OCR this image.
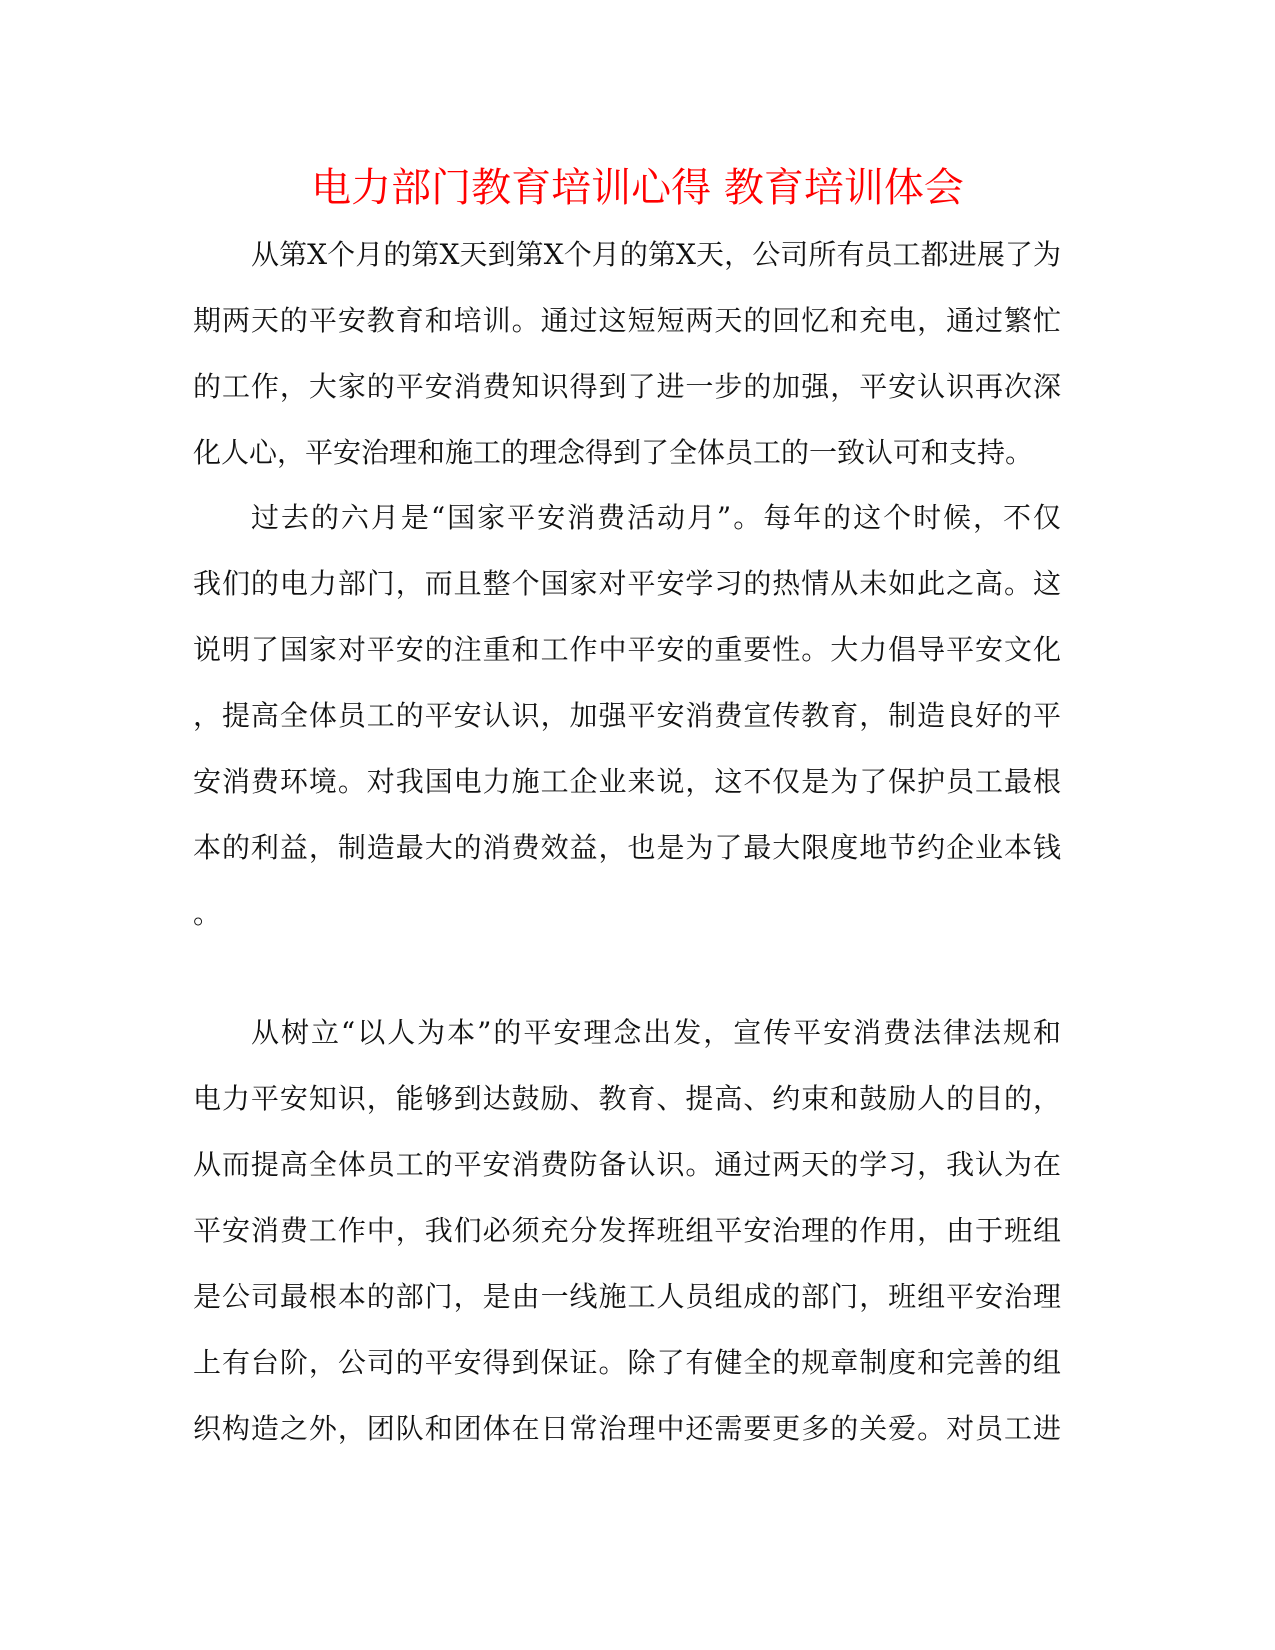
电力部门教育培训心得 教育培训体会
从第X个月的第X天到第X个月的第X天，公司所有员工都进展了为
期两天的平安教育和培训。通过这短短两天的回忆和充电，通过繁忙
的工作，大家的平安消费知识得到了进一步的加强，平安认识再次深
化人心，平安治理和施工的理念得到了全体员工的一致认可和支持。
过去的六月是“国家平安消费活动月”。每年的这个时候，不仅
我们的电力部门，而且整个国家对平安学习的热情从未如此之高。这
说明了国家对平安的注重和工作中平安的重要性。大力倡导平安文化
，提高全体员工的平安认识，加强平安消费宣传教育，制造良好的平
安消费环境。对我国电力施工企业来说，这不仅是为了保护员工最根
本的利益，制造最大的消费效益，也是为了最大限度地节约企业本钱
。
从树立“以人为本”的平安理念出发，宣传平安消费法律法规和
电力平安知识，能够到达鼓励、教育、提高、约束和鼓励人的目的，
从而提高全体员工的平安消费防备认识。通过两天的学习，我认为在
平安消费工作中，我们必须充分发挥班组平安治理的作用，由于班组
是公司最根本的部门，是由一线施工人员组成的部门，班组平安治理
上有台阶，公司的平安得到保证。除了有健全的规章制度和完善的组
织构造之外，团队和团体在日常治理中还需要更多的关爱。对员工进
